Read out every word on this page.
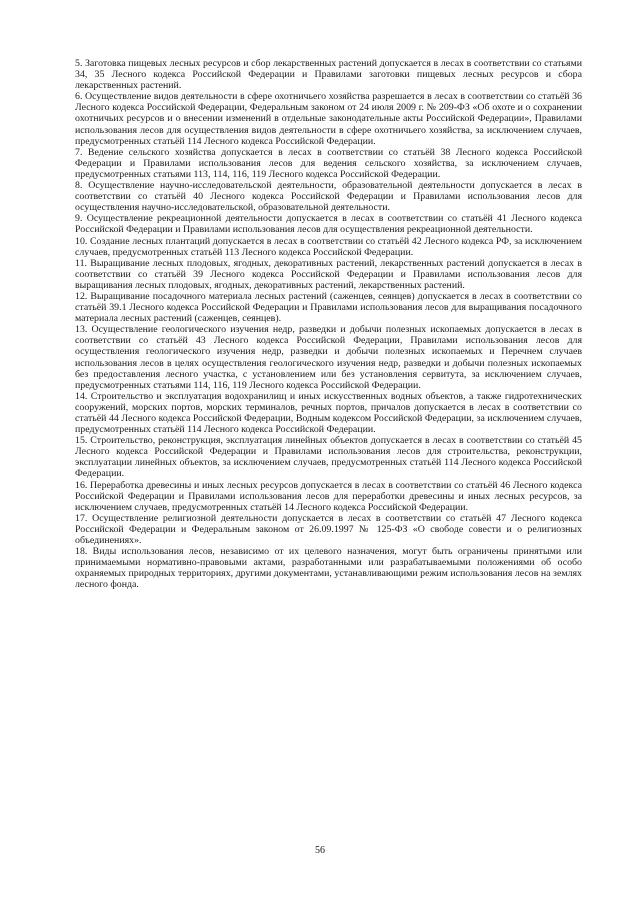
5. Заготовка пищевых лесных ресурсов и сбор лекарственных растений допускается в лесах в соответствии со статьями 34, 35 Лесного кодекса Российской Федерации и Правилами заготовки пищевых лесных ресурсов и сбора лекарственных растений.

6. Осуществление видов деятельности в сфере охотничьего хозяйства разрешается в лесах в соответствии со статьёй 36 Лесного кодекса Российской Федерации, Федеральным законом от 24 июля 2009 г. № 209-ФЗ «Об охоте и о сохранении охотничьих ресурсов и о внесении изменений в отдельные законодательные акты Российской Федерации», Правилами использования лесов для осуществления видов деятельности в сфере охотничьего хозяйства, за исключением случаев, предусмотренных статьёй 114 Лесного кодекса Российской Федерации.

7. Ведение сельского хозяйства допускается в лесах в соответствии со статьёй 38 Лесного кодекса Российской Федерации и Правилами использования лесов для ведения сельского хозяйства, за исключением случаев, предусмотренных статьями 113, 114, 116, 119 Лесного кодекса Российской Федерации.

8. Осуществление научно-исследовательской деятельности, образовательной деятельности допускается в лесах в соответствии со статьёй 40 Лесного кодекса Российской Федерации и Правилами использования лесов для осуществления научно-исследовательской, образовательной деятельности.

9. Осуществление рекреационной деятельности допускается в лесах в соответствии со статьёй 41 Лесного кодекса Российской Федерации и Правилами использования лесов для осуществления рекреационной деятельности.

10. Создание лесных плантаций допускается в лесах в соответствии со статьёй 42 Лесного кодекса РФ, за исключением случаев, предусмотренных статьёй 113 Лесного кодекса Российской Федерации.

11. Выращивание лесных плодовых, ягодных, декоративных растений, лекарственных растений допускается в лесах в соответствии со статьёй 39 Лесного кодекса Российской Федерации и Правилами использования лесов для выращивания лесных плодовых, ягодных, декоративных растений, лекарственных растений.

12. Выращивание посадочного материала лесных растений (саженцев, сеянцев) допускается в лесах в соответствии со статьёй 39.1 Лесного кодекса Российской Федерации и Правилами использования лесов для выращивания посадочного материала лесных растений (саженцев, сеянцев).

13. Осуществление геологического изучения недр, разведки и добычи полезных ископаемых допускается в лесах в соответствии со статьёй 43 Лесного кодекса Российской Федерации, Правилами использования лесов для осуществления геологического изучения недр, разведки и добычи полезных ископаемых и Перечнем случаев использования лесов в целях осуществления геологического изучения недр, разведки и добычи полезных ископаемых без предоставления лесного участка, с установлением или без установления сервитута, за исключением случаев, предусмотренных статьями 114, 116, 119 Лесного кодекса Российской Федерации.

14. Строительство и эксплуатация водохранилищ и иных искусственных водных объектов, а также гидротехнических сооружений, морских портов, морских терминалов, речных портов, причалов допускается в лесах в соответствии со статьёй 44 Лесного кодекса Российской Федерации, Водным кодексом Российской Федерации, за исключением случаев, предусмотренных статьёй 114 Лесного кодекса Российской Федерации.

15. Строительство, реконструкция, эксплуатация линейных объектов допускается в лесах в соответствии со статьёй 45 Лесного кодекса Российской Федерации и Правилами использования лесов для строительства, реконструкции, эксплуатации линейных объектов, за исключением случаев, предусмотренных статьёй 114 Лесного кодекса Российской Федерации.

16. Переработка древесины и иных лесных ресурсов допускается в лесах в соответствии со статьёй 46 Лесного кодекса Российской Федерации и Правилами использования лесов для переработки древесины и иных лесных ресурсов, за исключением случаев, предусмотренных статьёй 14 Лесного кодекса Российской Федерации.

17. Осуществление религиозной деятельности допускается в лесах в соответствии со статьёй 47 Лесного кодекса Российской Федерации и Федеральным законом от 26.09.1997 № 125-ФЗ «О свободе совести и о религиозных объединениях».

18. Виды использования лесов, независимо от их целевого назначения, могут быть ограничены принятыми или принимаемыми нормативно-правовыми актами, разработанными или разрабатываемыми положениями об особо охраняемых природных территориях, другими документами, устанавливающими режим использования лесов на землях лесного фонда.

56
